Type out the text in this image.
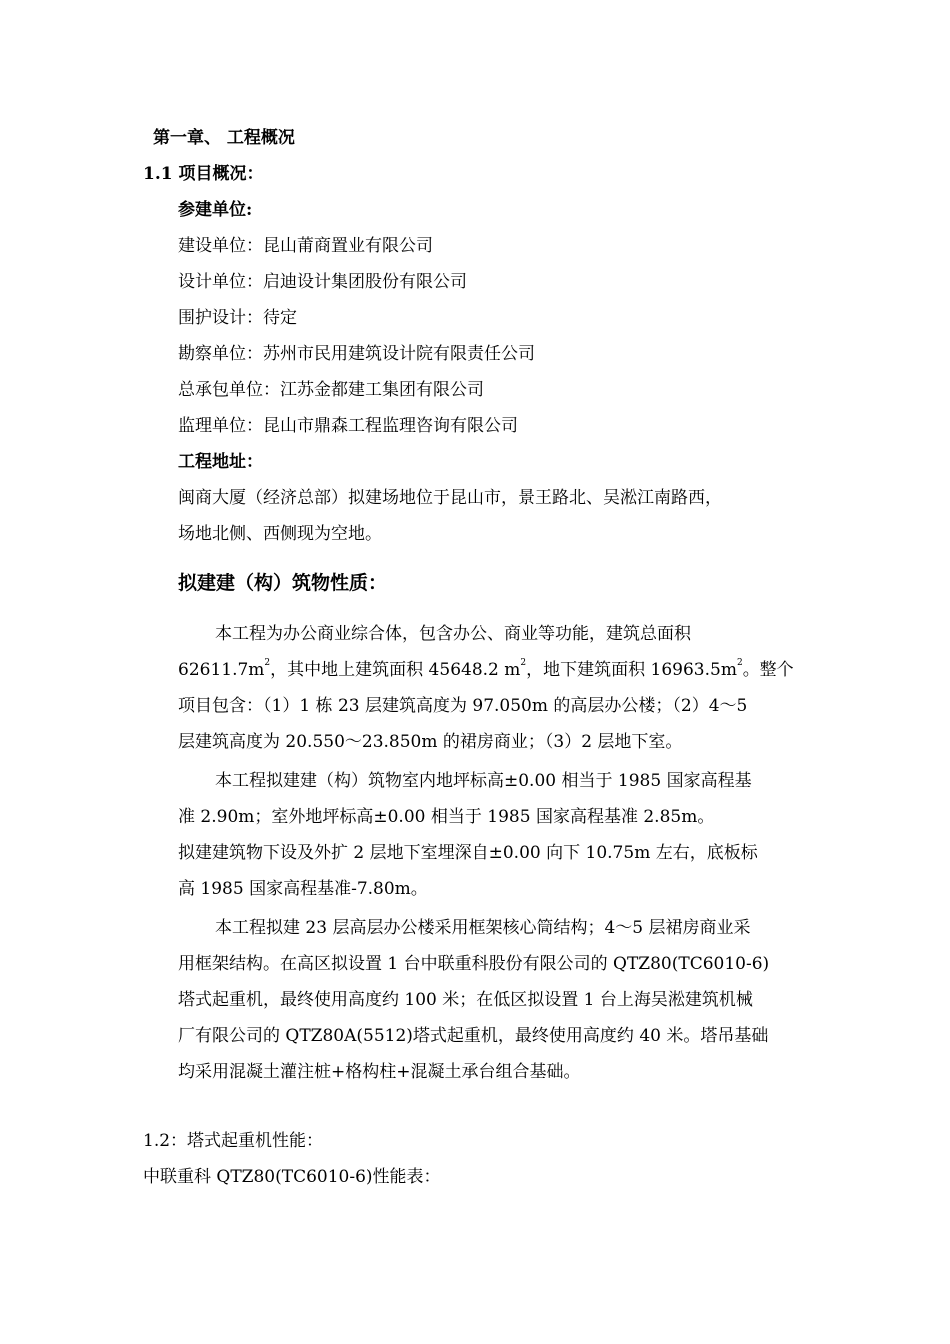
第一章、 工程概况
1.1 项目概况：
参建单位:
建设单位：昆山莆商置业有限公司
设计单位：启迪设计集团股份有限公司
围护设计：待定
勘察单位：苏州市民用建筑设计院有限责任公司
总承包单位：江苏金都建工集团有限公司
监理单位：昆山市鼎森工程监理咨询有限公司
工程地址：
闽商大厦（经济总部）拟建场地位于昆山市，景王路北、吴淞江南路西，
场地北侧、西侧现为空地。
拟建建（构）筑物性质：
本工程为办公商业综合体，包含办公、商业等功能，建筑总面积
$62611.7m^2$，其中地上建筑面积 45648.2 $m^2$，地下建筑面积 $16963.5m^2$。整个
项目包含：（1）1 栋 23 层建筑高度为 97.050m 的高层办公楼；（2）4～5
层建筑高度为 20.550～23.850m 的裙房商业；（3）2 层地下室。
本工程拟建建（构）筑物室内地坪标高±0.00 相当于 1985 国家高程基
准 2.90m；室外地坪标高±0.00 相当于 1985 国家高程基准 2.85m。
拟建建筑物下设及外扩 2 层地下室埋深自±0.00 向下 10.75m 左右，底板标
高 1985 国家高程基准-7.80m。
本工程拟建 23 层高层办公楼采用框架核心筒结构；4～5 层裙房商业采
用框架结构。在高区拟设置 1 台中联重科股份有限公司的 QTZ80(TC6010-6)
塔式起重机，最终使用高度约 100 米；在低区拟设置 1 台上海吴淞建筑机械
厂有限公司的 QTZ80A(5512)塔式起重机，最终使用高度约 40 米。塔吊基础
均采用混凝土灌注桩+格构柱+混凝土承台组合基础。
1.2：塔式起重机性能：
中联重科 QTZ80(TC6010-6)性能表：
